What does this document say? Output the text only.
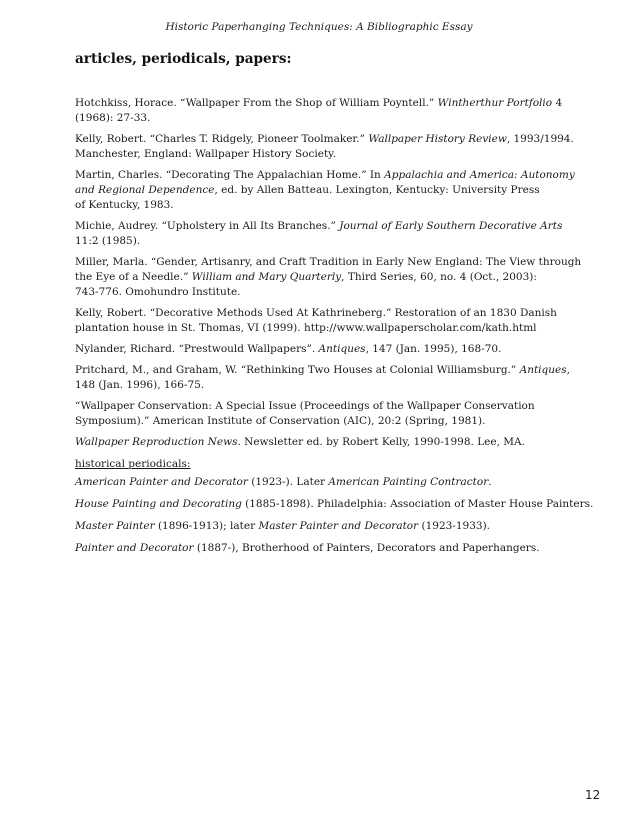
Historic Paperhanging Techniques: A Bibliographic Essay
articles, periodicals, papers:

Hotchkiss, Horace. “Wallpaper From the Shop of William Poyntell.” Wintherthur Portfolio 4
(1968): 27-33.

Kelly, Robert. “Charles T. Ridgely, Pioneer Toolmaker.” Wallpaper History Review, 1993/1994.
Manchester, England: Wallpaper History Society.

Martin, Charles. “Decorating The Appalachian Home.” In Appalachia and America: Autonomy
and Regional Dependence, ed. by Allen Batteau. Lexington, Kentucky: University Press
of Kentucky, 1983.

Michie, Audrey. “Upholstery in All Its Branches.” Journal of Early Southern Decorative Arts
11:2 (1985).

Miller, Marla. “Gender, Artisanry, and Craft Tradition in Early New England: The View through
the Eye of a Needle.” William and Mary Quarterly, Third Series, 60, no. 4 (Oct., 2003):
743-776. Omohundro Institute.

Kelly, Robert. “Decorative Methods Used At Kathrineberg.” Restoration of an 1830 Danish
plantation house in St. Thomas, VI (1999). http://www.wallpaperscholar.com/kath.html

Nylander, Richard. “Prestwould Wallpapers”. Antiques, 147 (Jan. 1995), 168-70.

Pritchard, M., and Graham, W. “Rethinking Two Houses at Colonial Williamsburg.” Antiques,
148 (Jan. 1996), 166-75.

“Wallpaper Conservation: A Special Issue (Proceedings of the Wallpaper Conservation
Symposium).” American Institute of Conservation (AIC), 20:2 (Spring, 1981).

Wallpaper Reproduction News. Newsletter ed. by Robert Kelly, 1990-1998. Lee, MA.

historical periodicals:

American Painter and Decorator (1923-). Later American Painting Contractor.

House Painting and Decorating (1885-1898). Philadelphia: Association of Master House Painters.

Master Painter (1896-1913); later Master Painter and Decorator (1923-1933).

Painter and Decorator (1887-), Brotherhood of Painters, Decorators and Paperhangers.

12
